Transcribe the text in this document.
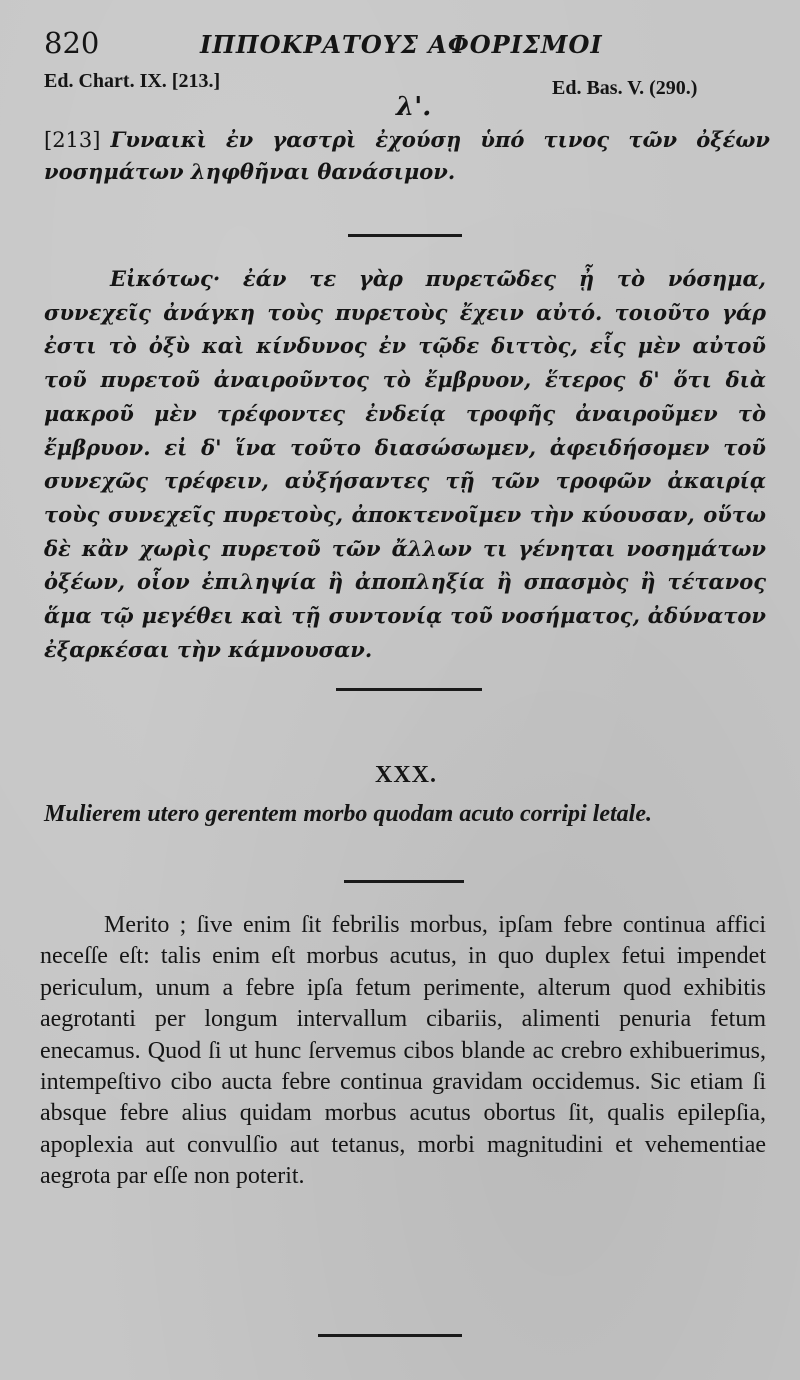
820	ΙΠΠΟΚΡΑΤΟΥΣ ΑΦΟΡΙΣΜΟΙ
Ed. Chart. IX. [213.]	Ed. Bas. V. (290.)
λ'.
[213] Γυναικὶ ἐν γαστρὶ ἐχούσῃ ὑπό τινος τῶν ὀξέων νοσημάτων ληφθῆναι θανάσιμον.
Εἰκότως· ἐάν τε γὰρ πυρετῶδες ᾖ τὸ νόσημα, συνεχεῖς ἀνάγκη τοὺς πυρετοὺς ἔχειν αὐτό. τοιοῦτο γάρ ἐστι τὸ ὀξὺ καὶ κίνδυνος ἐν τῷδε διττὸς, εἷς μὲν αὐτοῦ τοῦ πυρετοῦ ἀναιροῦντος τὸ ἔμβρυον, ἕτερος δ' ὅτι διὰ μακροῦ μὲν τρέφοντες ἐνδείᾳ τροφῆς ἀναιροῦμεν τὸ ἔμβρυον. εἰ δ' ἵνα τοῦτο διασώσωμεν, ἀφειδήσομεν τοῦ συνεχῶς τρέφειν, αὐξήσαντες τῇ τῶν τροφῶν ἀκαιρίᾳ τοὺς συνεχεῖς πυρετοὺς, ἀποκτενοῖμεν τὴν κύουσαν, οὕτω δὲ κἂν χωρὶς πυρετοῦ τῶν ἄλλων τι γένηται νοσημάτων ὀξέων, οἷον ἐπιληψία ἢ ἀποπληξία ἢ σπασμὸς ἢ τέτανος ἅμα τῷ μεγέθει καὶ τῇ συντονίᾳ τοῦ νοσήματος, ἀδύνατον ἐξαρκέσαι τὴν κάμνουσαν.
XXX.
Mulierem utero gerentem morbo quodam acuto corripi letale.
Merito ; ſive enim ſit febrilis morbus, ipſam febre continua affici neceſſe eſt: talis enim eſt morbus acutus, in quo duplex fetui impendet periculum, unum a febre ipſa fetum perimente, alterum quod exhibitis aegrotanti per longum intervallum cibariis, alimenti penuria fetum enecamus. Quod ſi ut hunc ſervemus cibos blande ac crebro exhibuerimus, intempeſtivo cibo aucta febre continua gravidam occidemus. Sic etiam ſi absque febre alius quidam morbus acutus obortus ſit, qualis epilepſia, apoplexia aut convulſio aut tetanus, morbi magnitudini et vehementiae aegrota par eſſe non poterit.
